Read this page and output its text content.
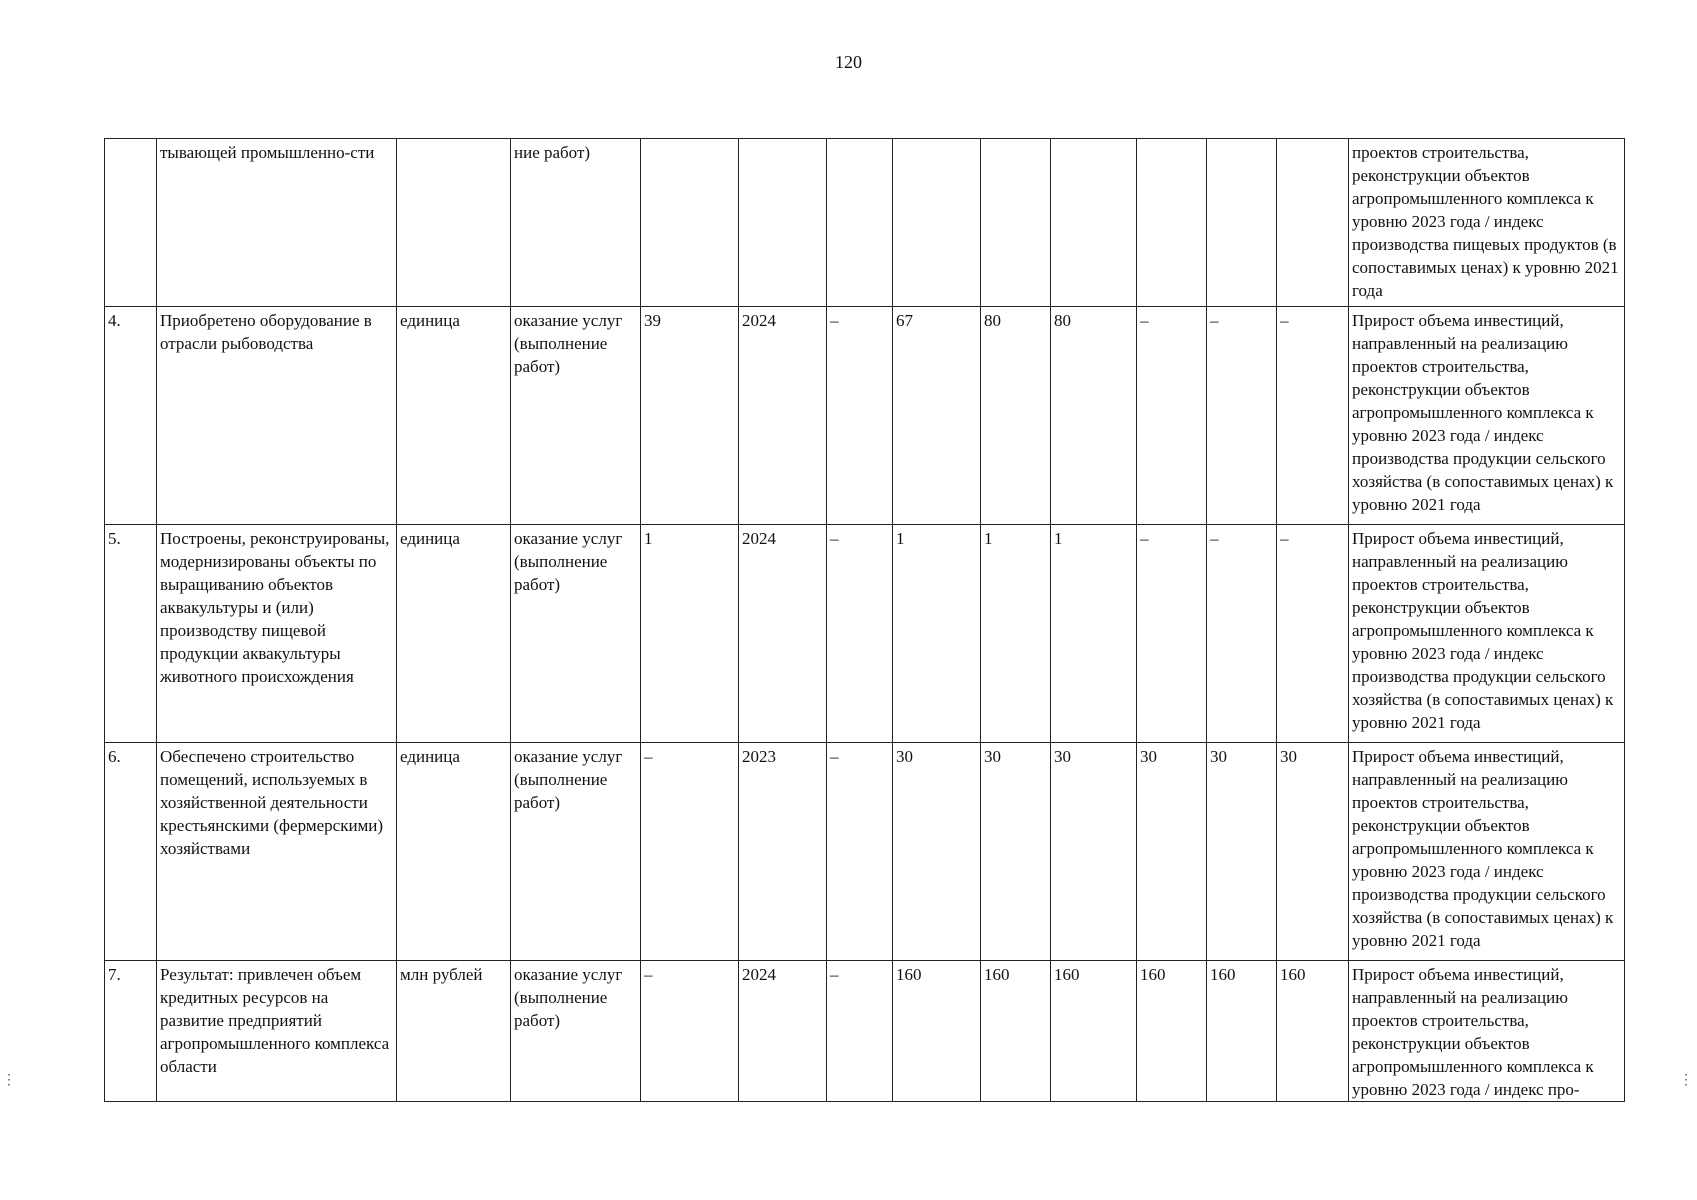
120
	тывающей промышленно-сти		ние работ)										проектов строительства, реконструкции объектов агропромышленного комплекса к уровню 2023 года / индекс производства пищевых продуктов (в сопоставимых ценах) к уровню 2021 года
4.	Приобретено оборудование в отрасли рыбоводства	единица	оказание услуг (выполнение работ)	39	2024	–	67	80	80	–	–	–	Прирост объема инвестиций, направленный на реализацию проектов строительства, реконструкции объектов агропромышленного комплекса к уровню 2023 года / индекс производства продукции сельского хозяйства (в сопоставимых ценах) к уровню 2021 года
5.	Построены, реконструированы, модернизированы объекты по выращиванию объектов аквакультуры и (или) производству пищевой продукции аквакультуры животного происхождения	единица	оказание услуг (выполнение работ)	1	2024	–	1	1	1	–	–	–	Прирост объема инвестиций, направленный на реализацию проектов строительства, реконструкции объектов агропромышленного комплекса к уровню 2023 года / индекс производства продукции сельского хозяйства (в сопоставимых ценах) к уровню 2021 года
6.	Обеспечено строительство помещений, используемых в хозяйственной деятельности крестьянскими (фермерскими) хозяйствами	единица	оказание услуг (выполнение работ)	–	2023	–	30	30	30	30	30	30	Прирост объема инвестиций, направленный на реализацию проектов строительства, реконструкции объектов агропромышленного комплекса к уровню 2023 года / индекс производства продукции сельского хозяйства (в сопоставимых ценах) к уровню 2021 года
7.	Результат: привлечен объем кредитных ресурсов на развитие предприятий агропромышленного комплекса области	млн рублей	оказание услуг (выполнение работ)	–	2024	–	160	160	160	160	160	160	Прирост объема инвестиций, направленный на реализацию проектов строительства, реконструкции объектов агропромышленного комплекса к уровню 2023 года / индекс про-
⋮	⋮
